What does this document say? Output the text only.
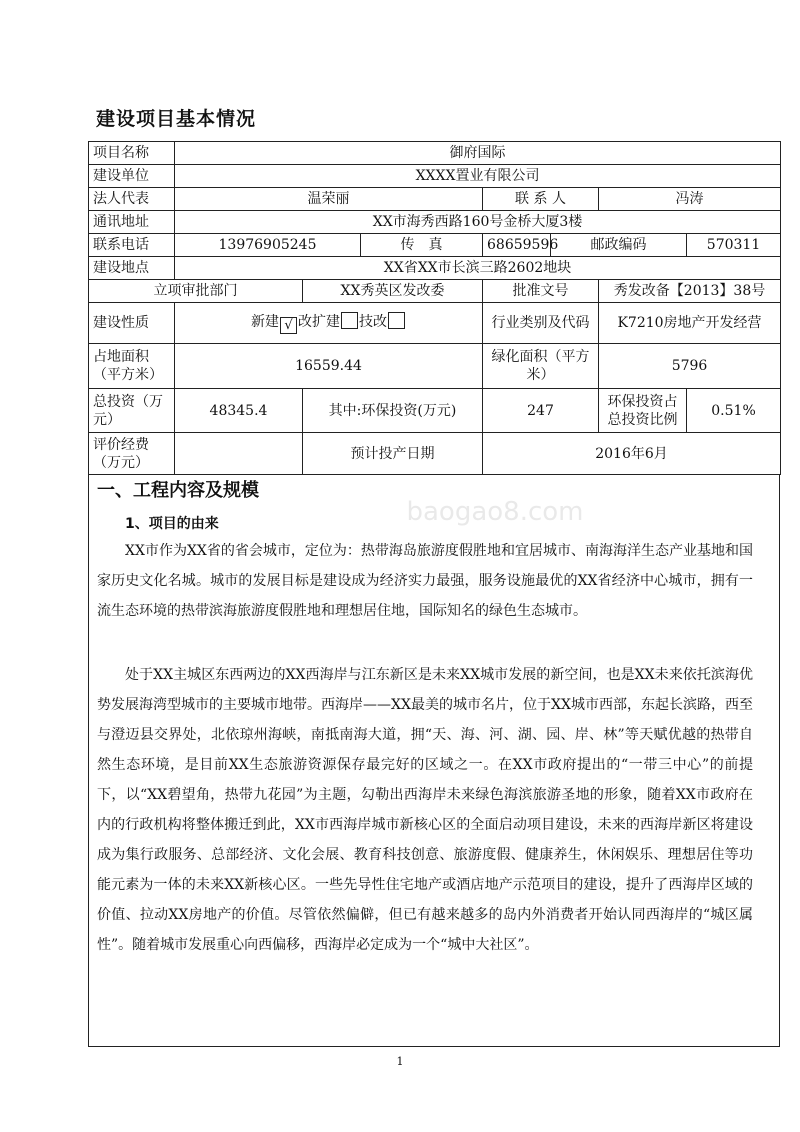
建设项目基本情况
项目名称	御府国际						
建设单位	XXXX置业有限公司						
法人代表	温荣丽			联 系 人		冯涛	
通讯地址	XX市海秀西路160号金桥大厦3楼						
联系电话	13976905245		传　真	68659596	邮政编码		570311
建设地点	XX省XX市长滨三路2602地块						
立项审批部门		XX秀英区发改委		批准文号		秀发改备【2013】38号	
建设性质	新建 √ 改扩建 技改			行业类别及代码		K7210房地产开发经营	
占地面积（平方米）	16559.44			绿化面积（平方米）		5796	
总投资（万元）	48345.4	其中:环保投资(万元)		247		环保投资占总投资比例	0.51%
评价经费（万元）		预计投产日期		2016年6月			
一、工程内容及规模
1、项目的由来

XX市作为XX省的省会城市，定位为：热带海岛旅游度假胜地和宜居城市、南海海洋生态产业基地和国家历史文化名城。城市的发展目标是建设成为经济实力最强，服务设施最优的XX省经济中心城市，拥有一流生态环境的热带滨海旅游度假胜地和理想居住地，国际知名的绿色生态城市。

处于XX主城区东西两边的XX西海岸与江东新区是未来XX城市发展的新空间，也是XX未来依托滨海优势发展海湾型城市的主要城市地带。西海岸——XX最美的城市名片，位于XX城市西部，东起长滨路，西至与澄迈县交界处，北依琼州海峡，南抵南海大道，拥“天、海、河、湖、园、岸、林”等天赋优越的热带自然生态环境，是目前XX生态旅游资源保存最完好的区域之一。在XX市政府提出的“一带三中心”的前提下，以“XX碧望角，热带九花园”为主题，勾勒出西海岸未来绿色海滨旅游圣地的形象，随着XX市政府在内的行政机构将整体搬迁到此，XX市西海岸城市新核心区的全面启动项目建设，未来的西海岸新区将建设成为集行政服务、总部经济、文化会展、教育科技创意、旅游度假、健康养生，休闲娱乐、理想居住等功能元素为一体的未来XX新核心区。一些先导性住宅地产或酒店地产示范项目的建设，提升了西海岸区域的价值、拉动XX房地产的价值。尽管依然偏僻，但已有越来越多的岛内外消费者开始认同西海岸的“城区属性”。随着城市发展重心向西偏移，西海岸必定成为一个“城中大社区”。

baogao8.com
1
